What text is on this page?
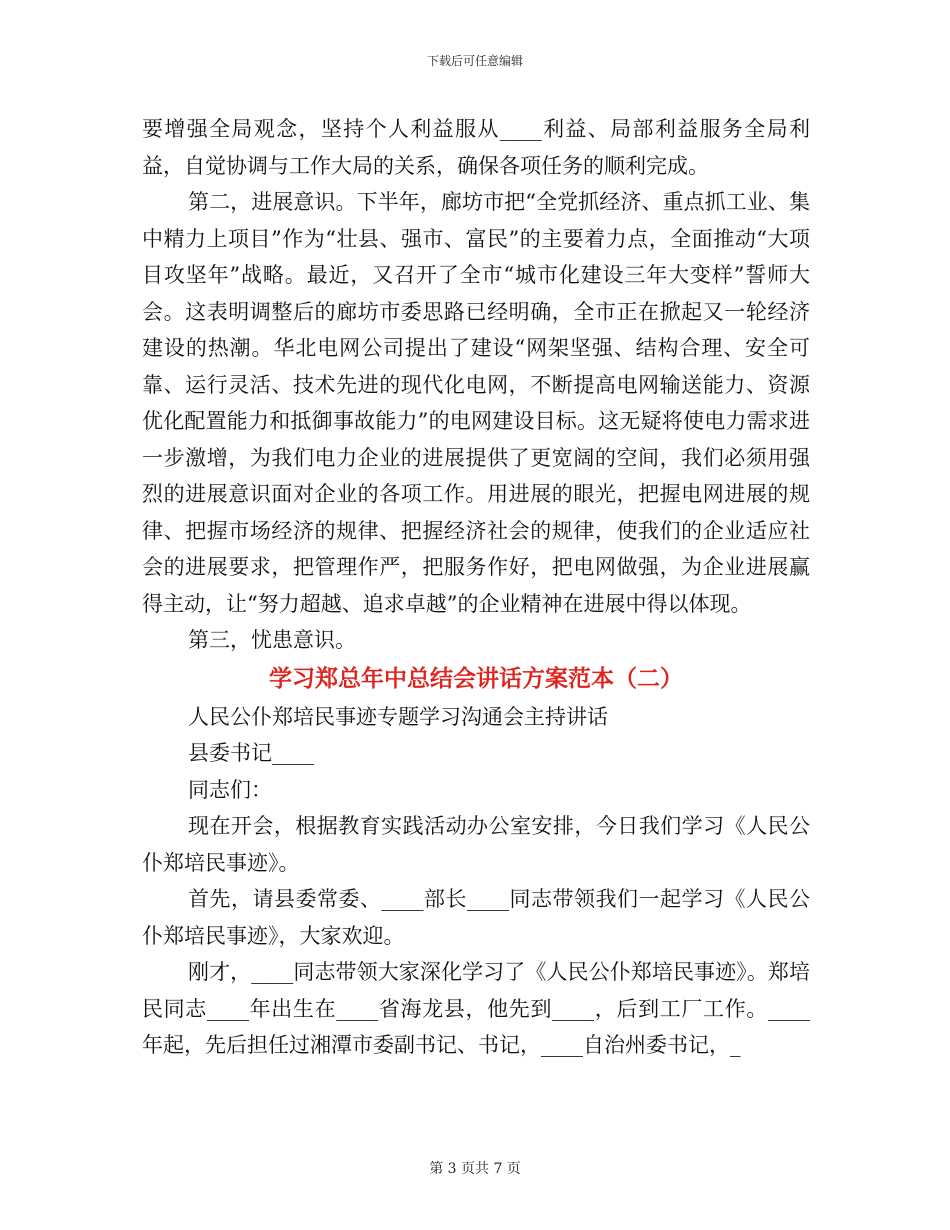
下载后可任意编辑

要增强全局观念，坚持个人利益服从____利益、局部利益服务全局利益，自觉协调与工作大局的关系，确保各项任务的顺利完成。

第二，进展意识。下半年，廊坊市把“全党抓经济、重点抓工业、集中精力上项目”作为“壮县、强市、富民”的主要着力点，全面推动“大项目攻坚年”战略。最近，又召开了全市“城市化建设三年大变样”誓师大会。这表明调整后的廊坊市委思路已经明确，全市正在掀起又一轮经济建设的热潮。华北电网公司提出了建设“网架坚强、结构合理、安全可靠、运行灵活、技术先进的现代化电网，不断提高电网输送能力、资源优化配置能力和抵御事故能力”的电网建设目标。这无疑将使电力需求进一步激增，为我们电力企业的进展提供了更宽阔的空间，我们必须用强烈的进展意识面对企业的各项工作。用进展的眼光，把握电网进展的规律、把握市场经济的规律、把握经济社会的规律，使我们的企业适应社会的进展要求，把管理作严，把服务作好，把电网做强，为企业进展赢得主动，让“努力超越、追求卓越”的企业精神在进展中得以体现。

第三，忧患意识。

学习郑总年中总结会讲话方案范本（二）

人民公仆郑培民事迹专题学习沟通会主持讲话

县委书记____

同志们：

现在开会，根据教育实践活动办公室安排，今日我们学习《人民公仆郑培民事迹》。

首先，请县委常委、____部长____同志带领我们一起学习《人民公仆郑培民事迹》，大家欢迎。

刚才，____同志带领大家深化学习了《人民公仆郑培民事迹》。郑培民同志____年出生在____省海龙县，他先到____，后到工厂工作。____年起，先后担任过湘潭市委副书记、书记，____自治州委书记，_

第 3 页共 7 页
